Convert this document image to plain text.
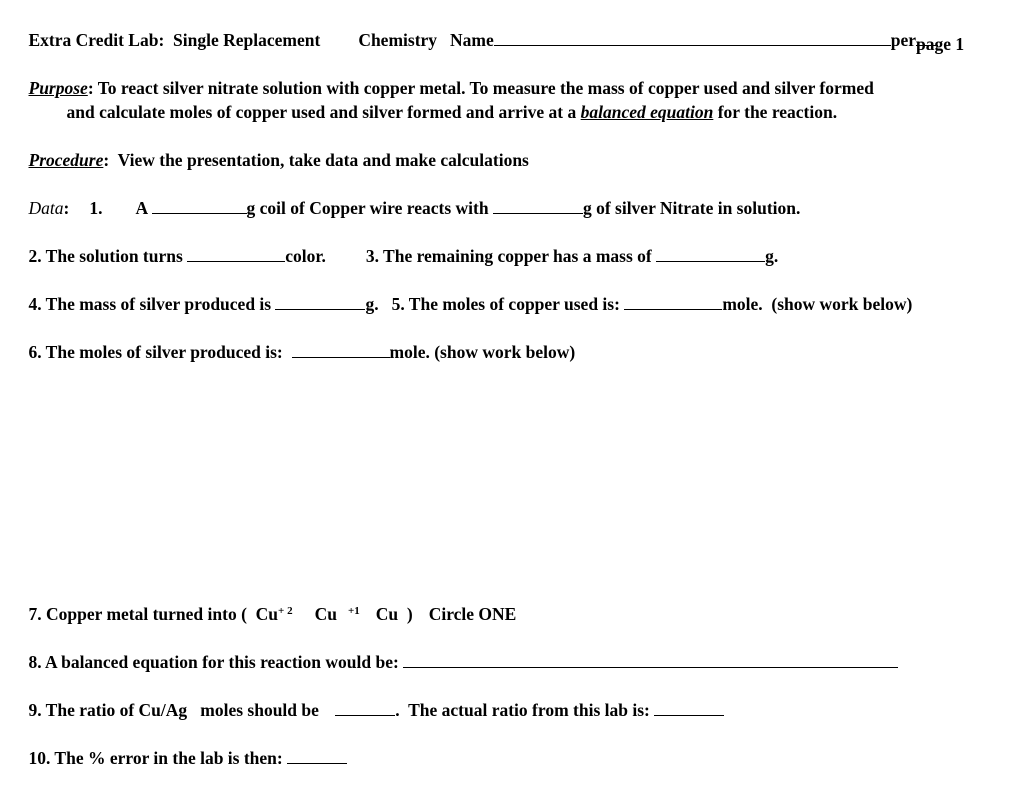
Extra Credit Lab:  Single Replacement Chemistry Name	per
page 1

Purpose: To react silver nitrate solution with copper metal. To measure the mass of copper used and silver formed

and calculate moles of copper used and silver formed and arrive at a balanced equation for the reaction.

Procedure:  View the presentation, take data and make calculations

Data: 1. A	g coil of Copper wire reacts with	g of silver Nitrate in solution.

2. The solution turns	color. 3. The remaining copper has a mass of	g.

4. The mass of silver produced is	g. 5. The moles of copper used is:	mole.  (show work below)

6. The moles of silver produced is:	mole. (show work below)

7. Copper metal turned into (  $Cu^{+ 2}$ Cu $^{+1}$ Cu  ) Circle ONE

8. A balanced equation for this reaction would be:

9. The ratio of Cu/Ag   moles should be	.  The actual ratio from this lab is:

10. The % error in the lab is then:
